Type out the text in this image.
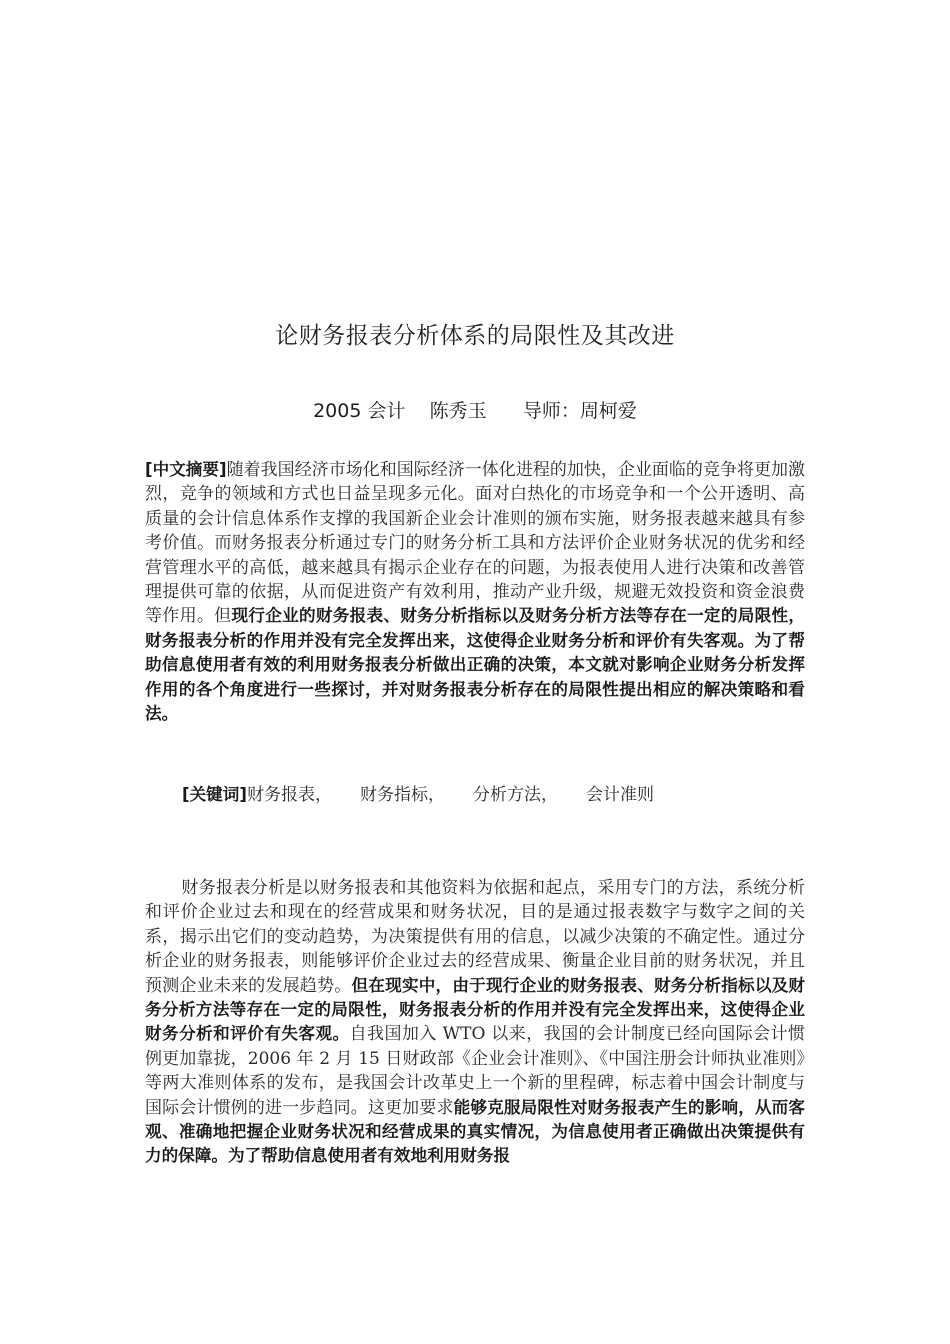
论财务报表分析体系的局限性及其改进
2005 会计 陈秀玉 导师：周柯爱
[中文摘要]随着我国经济市场化和国际经济一体化进程的加快，企业面临的竞争将更加激烈，竞争的领域和方式也日益呈现多元化。面对白热化的市场竞争和一个公开透明、高质量的会计信息体系作支撑的我国新企业会计准则的颁布实施，财务报表越来越具有参考价值。而财务报表分析通过专门的财务分析工具和方法评价企业财务状况的优劣和经营管理水平的高低，越来越具有揭示企业存在的问题，为报表使用人进行决策和改善管理提供可靠的依据，从而促进资产有效利用，推动产业升级，规避无效投资和资金浪费等作用。但现行企业的财务报表、财务分析指标以及财务分析方法等存在一定的局限性，财务报表分析的作用并没有完全发挥出来，这使得企业财务分析和评价有失客观。为了帮助信息使用者有效的利用财务报表分析做出正确的决策，本文就对影响企业财务分析发挥作用的各个角度进行一些探讨，并对财务报表分析存在的局限性提出相应的解决策略和看法。
[关键词]财务报表， 财务指标， 分析方法， 会计准则
财务报表分析是以财务报表和其他资料为依据和起点，采用专门的方法，系统分析和评价企业过去和现在的经营成果和财务状况，目的是通过报表数字与数字之间的关系，揭示出它们的变动趋势，为决策提供有用的信息，以减少决策的不确定性。通过分析企业的财务报表，则能够评价企业过去的经营成果、衡量企业目前的财务状况，并且预测企业未来的发展趋势。但在现实中，由于现行企业的财务报表、财务分析指标以及财务分析方法等存在一定的局限性，财务报表分析的作用并没有完全发挥出来，这使得企业财务分析和评价有失客观。自我国加入 WTO 以来，我国的会计制度已经向国际会计惯例更加靠拢，2006 年 2 月 15 日财政部《企业会计准则》、《中国注册会计师执业准则》等两大准则体系的发布，是我国会计改革史上一个新的里程碑，标志着中国会计制度与国际会计惯例的进一步趋同。这更加要求能够克服局限性对财务报表产生的影响，从而客观、准确地把握企业财务状况和经营成果的真实情况，为信息使用者正确做出决策提供有力的保障。为了帮助信息使用者有效地利用财务报
